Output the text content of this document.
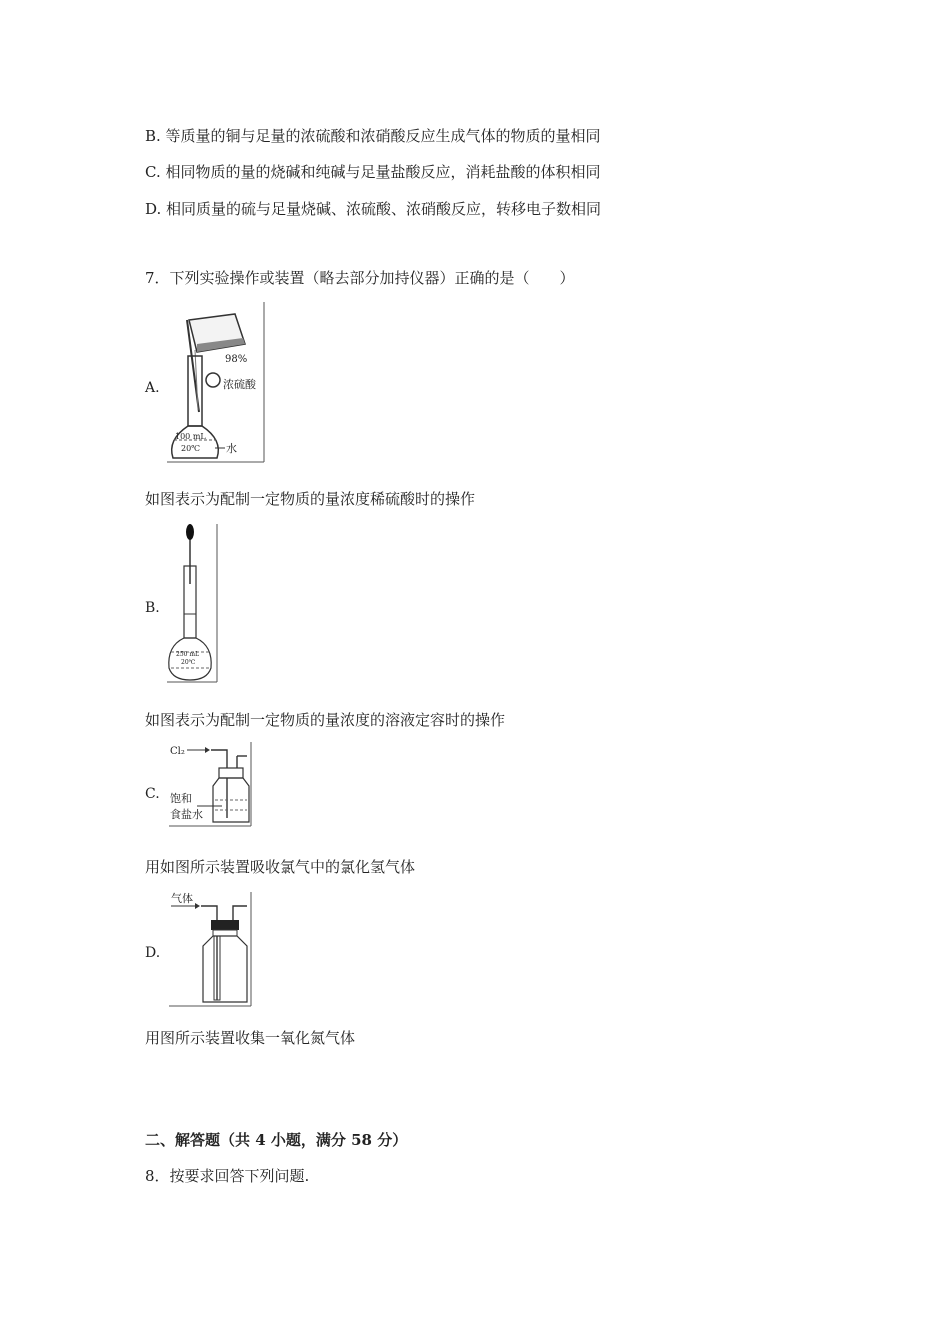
B. 等质量的铜与足量的浓硫酸和浓硝酸反应生成气体的物质的量相同
C. 相同物质的量的烧碱和纯碱与足量盐酸反应，消耗盐酸的体积相同
D. 相同质量的硫与足量烧碱、浓硫酸、浓硝酸反应，转移电子数相同
7．下列实验操作或装置（略去部分加持仪器）正确的是（　　）
A.
98%
浓硫酸
100 mL
20℃ 水
如图表示为配制一定物质的量浓度稀硫酸时的操作
B.
250 mL
20℃
如图表示为配制一定物质的量浓度的溶液定容时的操作
C.
Cl₂
饱和
食盐水
用如图所示装置吸收氯气中的氯化氢气体
D.
气体
用图所示装置收集一氧化氮气体
二、解答题（共 4 小题，满分 58 分）
8．按要求回答下列问题.
